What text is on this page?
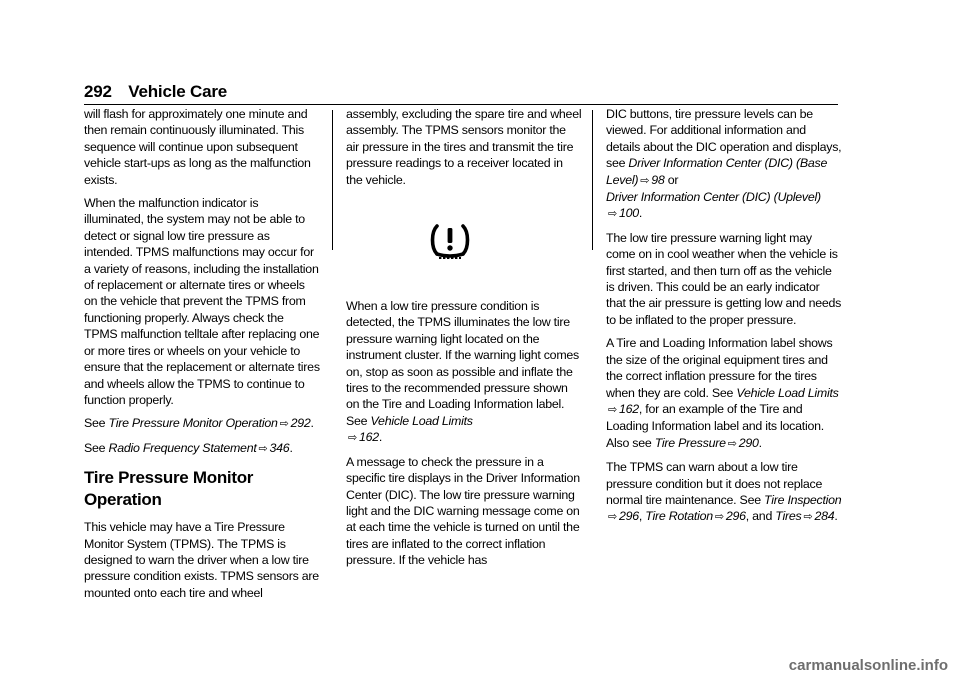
292 Vehicle Care

will flash for approximately one minute and then remain continuously illuminated. This sequence will continue upon subsequent vehicle start-ups as long as the malfunction exists.

When the malfunction indicator is illuminated, the system may not be able to detect or signal low tire pressure as intended. TPMS malfunctions may occur for a variety of reasons, including the installation of replacement or alternate tires or wheels on the vehicle that prevent the TPMS from functioning properly. Always check the TPMS malfunction telltale after replacing one or more tires or wheels on your vehicle to ensure that the replacement or alternate tires and wheels allow the TPMS to continue to function properly.

See Tire Pressure Monitor Operation ⇨ 292.

See Radio Frequency Statement ⇨ 346.

Tire Pressure Monitor Operation

This vehicle may have a Tire Pressure Monitor System (TPMS). The TPMS is designed to warn the driver when a low tire pressure condition exists. TPMS sensors are mounted onto each tire and wheel

assembly, excluding the spare tire and wheel assembly. The TPMS sensors monitor the air pressure in the tires and transmit the tire pressure readings to a receiver located in the vehicle.

When a low tire pressure condition is detected, the TPMS illuminates the low tire pressure warning light located on the instrument cluster. If the warning light comes on, stop as soon as possible and inflate the tires to the recommended pressure shown on the Tire and Loading Information label. See Vehicle Load Limits
⇨ 162.

A message to check the pressure in a specific tire displays in the Driver Information Center (DIC). The low tire pressure warning light and the DIC warning message come on at each time the vehicle is turned on until the tires are inflated to the correct inflation pressure. If the vehicle has

DIC buttons, tire pressure levels can be viewed. For additional information and details about the DIC operation and displays, see Driver Information Center (DIC) (Base Level) ⇨ 98 or
Driver Information Center (DIC) (Uplevel)
⇨ 100.

The low tire pressure warning light may come on in cool weather when the vehicle is first started, and then turn off as the vehicle is driven. This could be an early indicator that the air pressure is getting low and needs to be inflated to the proper pressure.

A Tire and Loading Information label shows the size of the original equipment tires and the correct inflation pressure for the tires when they are cold. See Vehicle Load Limits
⇨ 162, for an example of the Tire and Loading Information label and its location. Also see Tire Pressure ⇨ 290.

The TPMS can warn about a low tire pressure condition but it does not replace normal tire maintenance. See Tire Inspection
⇨ 296, Tire Rotation ⇨ 296, and Tires ⇨ 284.

carmanualsonline.info
